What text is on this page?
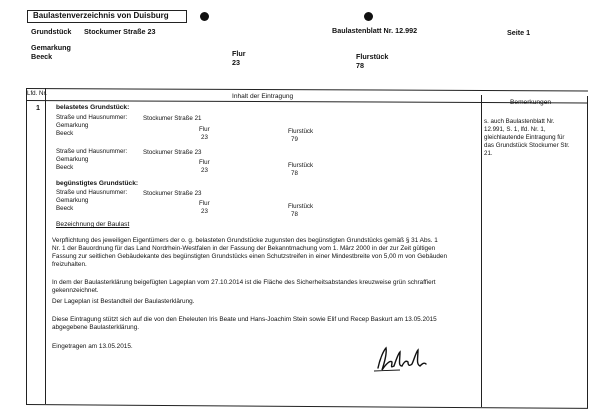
Baulastenverzeichnis von Duisburg
Grundstück Stockumer Straße 23	Baulastenblatt Nr. 12.992	Seite 1
Gemarkung
Beeck	Flur
23
Flurstück
78
Lfd. Nr.	Inhalt der Eintragung
Bemerkungen
1 belastetes Grundstück:
Straße und Hausnummer:	Stockumer Straße 21
Gemarkung
Beeck
Flur
23
Flurstück
79
Straße und Hausnummer:	Stockumer Straße 23
Gemarkung
Beeck
Flur
23
Flurstück
78
begünstigtes Grundstück:
Straße und Hausnummer:	Stockumer Straße 23
Gemarkung
Beeck
Flur
23
Flurstück
78
Bezeichnung der Baulast
Verpflichtung des jeweiligen Eigentümers der o. g. belasteten Grundstücke zugunsten des begünstigten Grundstücks gemäß § 31 Abs. 1
Nr. 1 der Bauordnung für das Land Nordrhein-Westfalen in der Fassung der Bekanntmachung vom 1. März 2000 in der zur Zeit gültigen
Fassung zur seitlichen Gebäudekante des begünstigten Grundstücks einen Schutzstreifen in einer Mindestbreite von 5,00 m von Gebäuden
freizuhalten.
In dem der Baulasterklärung beigefügten Lageplan vom 27.10.2014 ist die Fläche des Sicherheitsabstandes kreuzweise grün schraffiert
gekennzeichnet.
Der Lageplan ist Bestandteil der Baulasterklärung.
Diese Eintragung stützt sich auf die von den Eheleuten Iris Beate und Hans-Joachim Stein sowie Elif und Recep Baskurt am 13.05.2015
abgegebene Baulasterklärung.
Eingetragen am 13.05.2015.
s. auch Baulastenblatt Nr.
12.991, S. 1, lfd. Nr. 1,
gleichlautende Eintragung für
das Grundstück Stockumer Str.
21.
